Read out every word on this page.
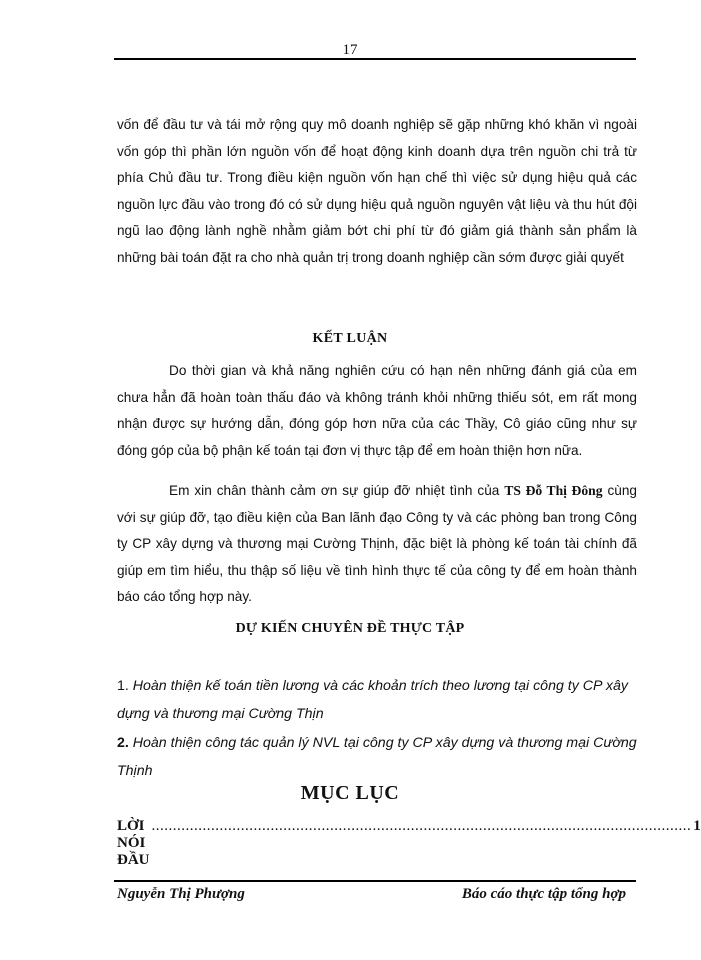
17

vốn để đầu tư và tái mở rộng quy mô doanh nghiệp sẽ gặp những khó khăn vì ngoài vốn góp thì phần lớn nguồn vốn để hoạt động kinh doanh dựa trên nguồn chi trả từ phía Chủ đầu tư. Trong điều kiện nguồn vốn hạn chế thì việc sử dụng hiệu quả các nguồn lực đầu vào trong đó có sử dụng hiệu quả nguồn nguyên vật liệu và thu hút đội ngũ lao động lành nghề nhằm giảm bớt chi phí từ đó giảm giá thành sản phẩm là những bài toán đặt ra cho nhà quản trị trong doanh nghiệp cần sớm được giải quyết

KẾT LUẬN

Do thời gian và khả năng nghiên cứu có hạn nên những đánh giá của em chưa hẳn đã hoàn toàn thấu đáo và không tránh khỏi những thiếu sót, em rất mong nhận được sự hướng dẫn, đóng góp hơn nữa của các Thầy, Cô giáo cũng như sự đóng góp của bộ phận kế toán tại đơn vị thực tập để em hoàn thiện hơn nữa.

Em xin chân thành cảm ơn sự giúp đỡ nhiệt tình của TS Đỗ Thị Đông cùng với sự giúp đỡ, tạo điều kiện của Ban lãnh đạo Công ty và các phòng ban trong Công ty CP xây dựng và thương mại Cường Thịnh, đặc biệt là phòng kế toán tài chính đã giúp em tìm hiểu, thu thập số liệu về tình hình thực tế của công ty để em hoàn thành báo cáo tổng hợp này.

DỰ KIẾN CHUYÊN ĐỀ THỰC TẬP

1. Hoàn thiện kế toán tiền lương và các khoản trích theo lương tại công ty CP xây dựng và thương mại Cường Thịn

2. Hoàn thiện công tác quản lý NVL tại công ty CP xây dựng và thương mại Cường Thịnh

MỤC LỤC
LỜI NÓI ĐẦU
............................................................................................................................... 1

Nguyễn Thị Phượng	Báo cáo thực tập tổng hợp
